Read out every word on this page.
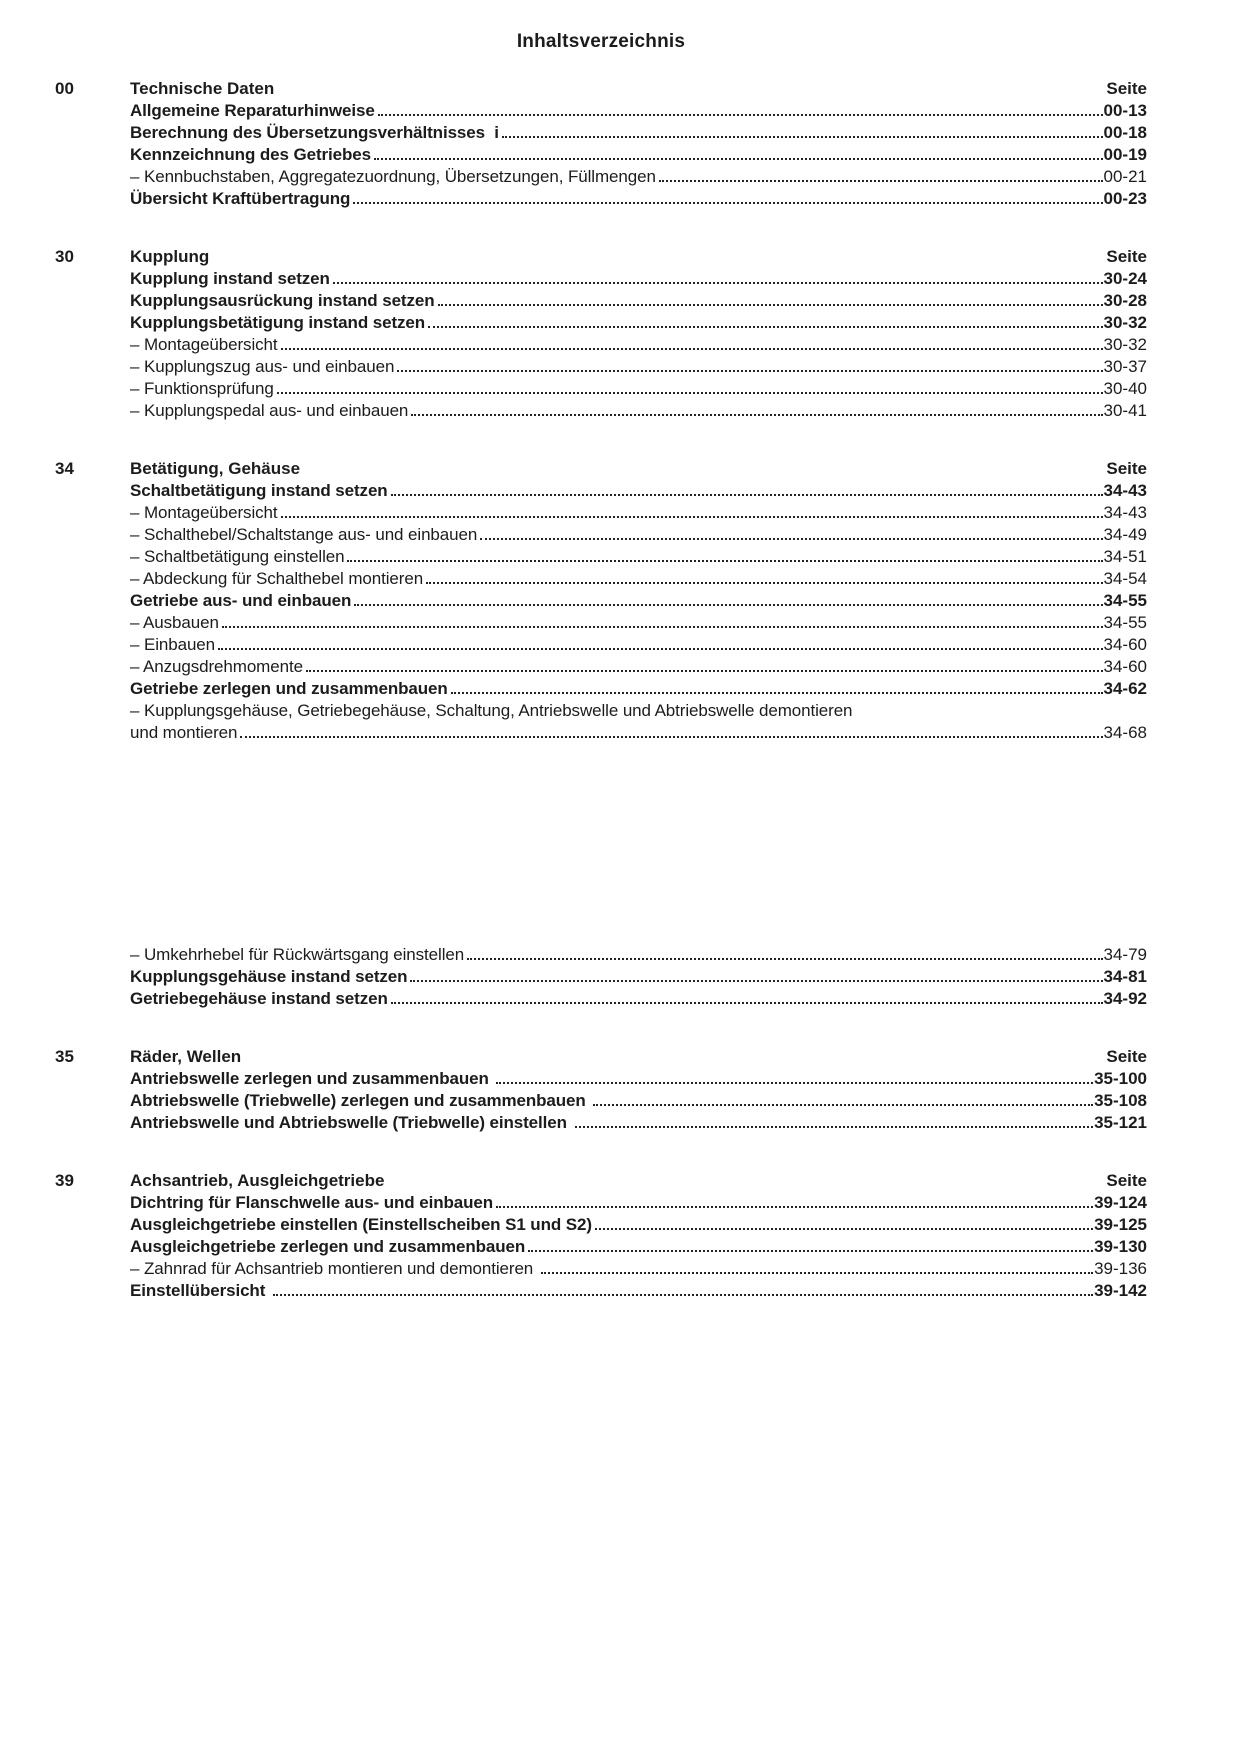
Inhaltsverzeichnis
00	Technische Daten	Seite
Allgemeine Reparaturhinweise	00-13
Berechnung des Übersetzungsverhältnisses  i	00-18
Kennzeichnung des Getriebes	00-19
– Kennbuchstaben, Aggregatezuordnung, Übersetzungen, Füllmengen	00-21
Übersicht Kraftübertragung	00-23
30	Kupplung	Seite
Kupplung instand setzen	30-24
Kupplungsausrückung instand setzen	30-28
Kupplungsbetätigung instand setzen	30-32
– Montageübersicht	30-32
– Kupplungszug aus- und einbauen	30-37
– Funktionsprüfung	30-40
– Kupplungspedal aus- und einbauen	30-41
34	Betätigung, Gehäuse	Seite
Schaltbetätigung instand setzen	34-43
– Montageübersicht	34-43
– Schalthebel/Schaltstange aus- und einbauen	34-49
– Schaltbetätigung einstellen	34-51
– Abdeckung für Schalthebel montieren	34-54
Getriebe aus- und einbauen	34-55
– Ausbauen	34-55
– Einbauen	34-60
– Anzugsdrehmomente	34-60
Getriebe zerlegen und zusammenbauen	34-62
– Kupplungsgehäuse, Getriebegehäuse, Schaltung, Antriebswelle und Abtriebswelle demontieren
und montieren	34-68
– Umkehrhebel für Rückwärtsgang einstellen	34-79
Kupplungsgehäuse instand setzen	34-81
Getriebegehäuse instand setzen	34-92
35	Räder, Wellen	Seite
Antriebswelle zerlegen und zusammenbauen	35-100
Abtriebswelle (Triebwelle) zerlegen und zusammenbauen	35-108
Antriebswelle und Abtriebswelle (Triebwelle) einstellen	35-121
39	Achsantrieb, Ausgleichgetriebe	Seite
Dichtring für Flanschwelle aus- und einbauen	39-124
Ausgleichgetriebe einstellen (Einstellscheiben S1 und S2)	39-125
Ausgleichgetriebe zerlegen und zusammenbauen	39-130
– Zahnrad für Achsantrieb montieren und demontieren	39-136
Einstellübersicht	39-142
